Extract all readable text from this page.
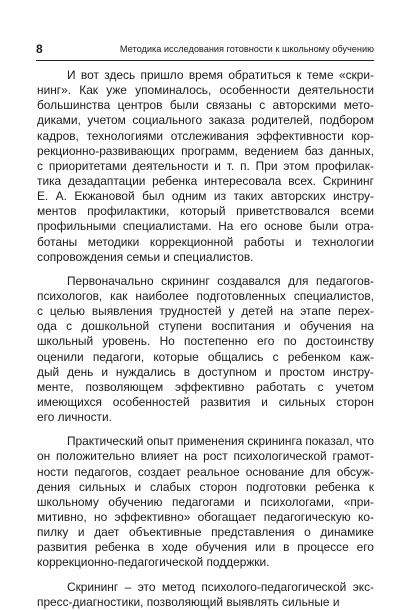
8	Методика исследования готовности к школьному обучению
И вот здесь пришло время обратиться к теме «скри-
нинг». Как уже упоминалось, особенности деятельности
большинства центров были связаны с авторскими мето-
диками, учетом социального заказа родителей, подбором
кадров, технологиями отслеживания эффективности кор-
рекционно-развивающих программ, ведением баз данных,
с приоритетами деятельности и т. п. При этом профилак-
тика дезадаптации ребенка интересовала всех. Скрининг
Е. А. Екжановой был одним из таких авторских инстру-
ментов профилактики, который приветствовался всеми
профильными специалистами. На его основе были отра-
ботаны методики коррекционной работы и технологии
сопровождения семьи и специалистов.
Первоначально скрининг создавался для педагогов-
психологов, как наиболее подготовленных специалистов,
с целью выявления трудностей у детей на этапе перех-
ода с дошкольной ступени воспитания и обучения на
школьный уровень. Но постепенно его по достоинству
оценили педагоги, которые общались с ребенком каж-
дый день и нуждались в доступном и простом инстру-
менте, позволяющем эффективно работать с учетом
имеющихся особенностей развития и сильных сторон
его личности.
Практический опыт применения скрининга показал, что
он положительно влияет на рост психологической грамот-
ности педагогов, создает реальное основание для обсуж-
дения сильных и слабых сторон подготовки ребенка к
школьному обучению педагогами и психологами, «при-
митивно, но эффективно» обогащает педагогическую ко-
пилку и дает объективные представления о динамике
развития ребенка в ходе обучения или в процессе его
коррекционно-педагогической поддержки.
Скрининг – это метод психолого-педагогической экс-
пресс-диагностики, позволяющий выявлять сильные и
